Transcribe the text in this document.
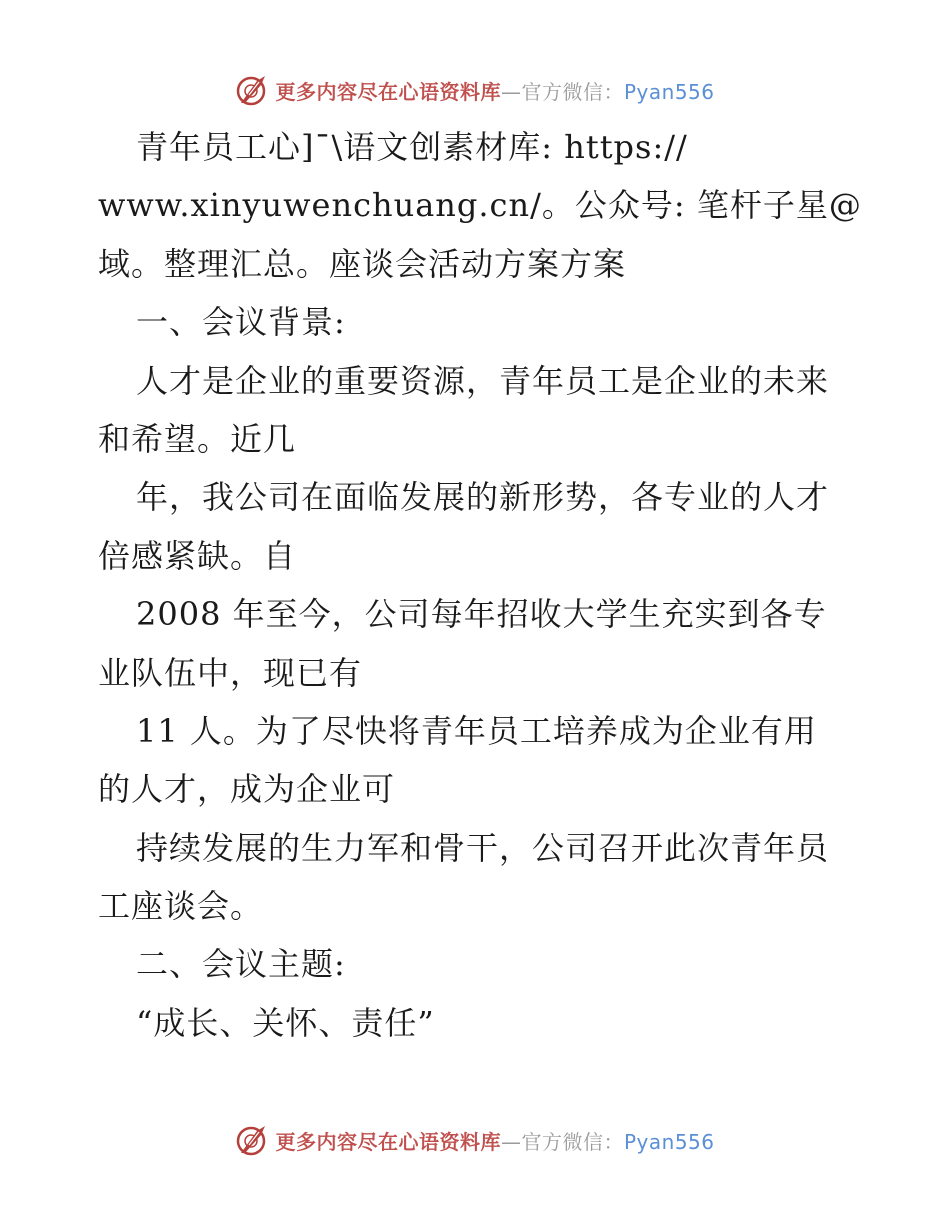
更多内容尽在心语资料库—官方微信：Pyan556
青年员工心]¯\语文创素材库: https://
www.xinyuwenchuang.cn/。公众号: 笔杆子星@
域。整理汇总。座谈会活动方案方案
一、会议背景:
人才是企业的重要资源，青年员工是企业的未来
和希望。近几
年，我公司在面临发展的新形势，各专业的人才
倍感紧缺。自
2008 年至今，公司每年招收大学生充实到各专
业队伍中，现已有
11 人。为了尽快将青年员工培养成为企业有用
的人才，成为企业可
持续发展的生力军和骨干，公司召开此次青年员
工座谈会。
二、会议主题:
“成长、关怀、责任”
更多内容尽在心语资料库—官方微信：Pyan556
